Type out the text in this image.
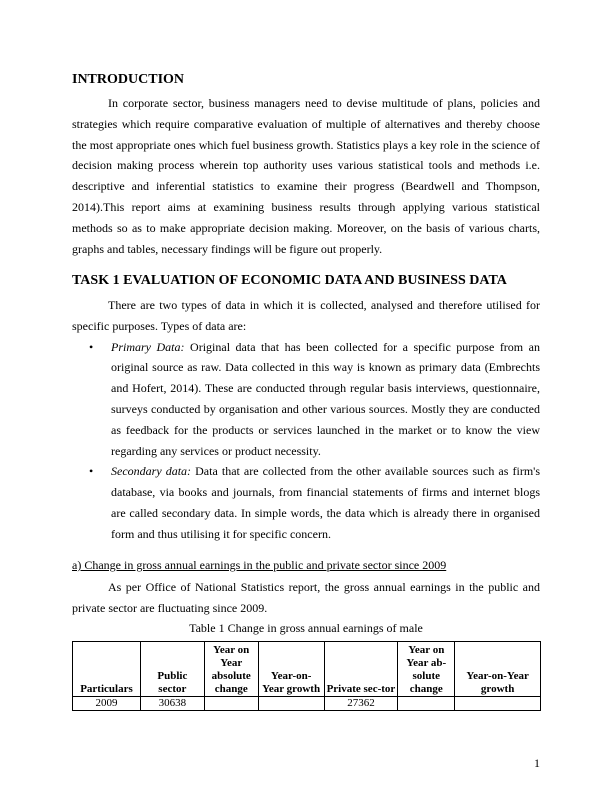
INTRODUCTION
In corporate sector, business managers need to devise multitude of plans, policies and strategies which require comparative evaluation of multiple of alternatives and thereby choose the most appropriate ones which fuel business growth. Statistics plays a key role in the science of decision making process wherein top authority uses various statistical tools and methods i.e. descriptive and inferential statistics to examine their progress (Beardwell and Thompson, 2014).This report aims at examining business results through applying various statistical methods so as to make appropriate decision making. Moreover, on the basis of various charts, graphs and tables, necessary findings will be figure out properly.
TASK 1 EVALUATION OF ECONOMIC DATA AND BUSINESS DATA
There are two types of data in which it is collected, analysed and therefore utilised for specific purposes. Types of data are:
• Primary Data: Original data that has been collected for a specific purpose from an original source as raw. Data collected in this way is known as primary data (Embrechts and Hofert, 2014). These are conducted through regular basis interviews, questionnaire, surveys conducted by organisation and other various sources. Mostly they are conducted as feedback for the products or services launched in the market or to know the view regarding any services or product necessity.
• Secondary data: Data that are collected from the other available sources such as firm's database, via books and journals, from financial statements of firms and internet blogs are called secondary data. In simple words, the data which is already there in organised form and thus utilising it for specific concern.
a) Change in gross annual earnings in the public and private sector since 2009
As per Office of National Statistics report, the gross annual earnings in the public and private sector are fluctuating since 2009.
Table 1 Change in gross annual earnings of male
Particulars	Public sector	Year on Year absolute change	Year-on-Year growth	Private sec-tor	Year on Year ab-solute change	Year-on-Year growth
2009	30638			27362		
1
